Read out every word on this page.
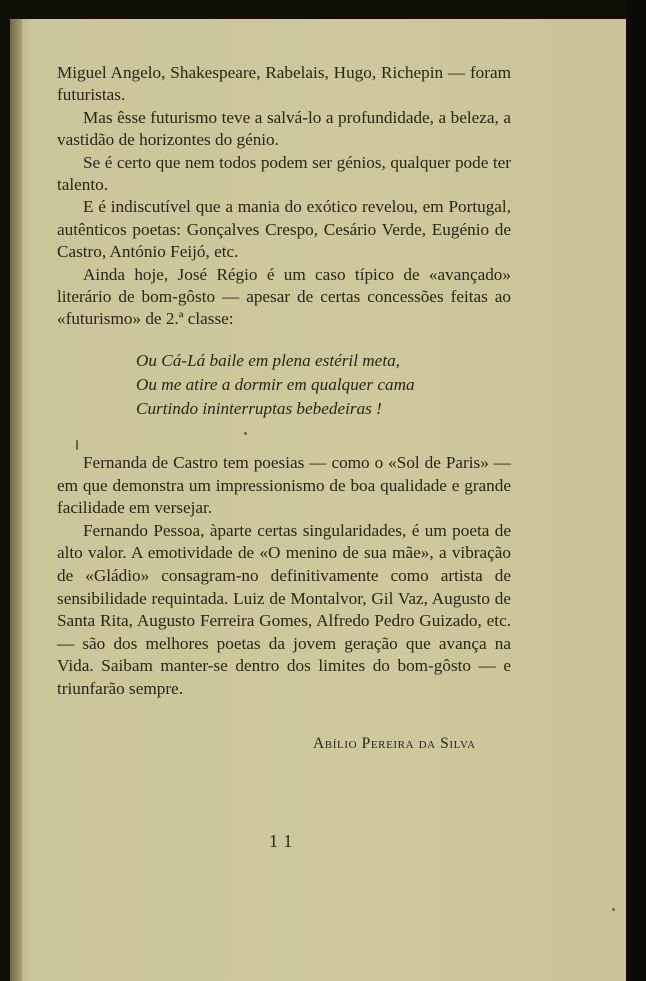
Miguel Angelo, Shakespeare, Rabelais, Hugo, Richepin — foram futuristas.

Mas êsse futurismo teve a salvá-lo a profundidade, a beleza, a vastidão de horizontes do génio.

Se é certo que nem todos podem ser génios, qualquer pode ter talento.

E é indiscutível que a mania do exótico revelou, em Portugal, autênticos poetas: Gonçalves Crespo, Cesário Verde, Eugénio de Castro, António Feijó, etc.

Ainda hoje, José Régio é um caso típico de «avançado» literário de bom-gôsto — apesar de certas concessões feitas ao «futurismo» de 2.ª classe:

Ou Cá-Lá baile em plena estéril meta,
Ou me atire a dormir em qualquer cama
Curtindo ininterruptas bebedeiras !

Fernanda de Castro tem poesias — como o «Sol de Paris» — em que demonstra um impressionismo de boa qualidade e grande facilidade em versejar.

Fernando Pessoa, àparte certas singularidades, é um poeta de alto valor. A emotividade de «O menino de sua mãe», a vibração de «Gládio» consagram-no definitivamente como artista de sensibilidade requintada. Luiz de Montalvor, Gil Vaz, Augusto de Santa Rita, Augusto Ferreira Gomes, Alfredo Pedro Guizado, etc. — são dos melhores poetas da jovem geração que avança na Vida. Saibam manter-se dentro dos limites do bom-gôsto — e triunfarão sempre.

Abílio Pereira da Silva
11
